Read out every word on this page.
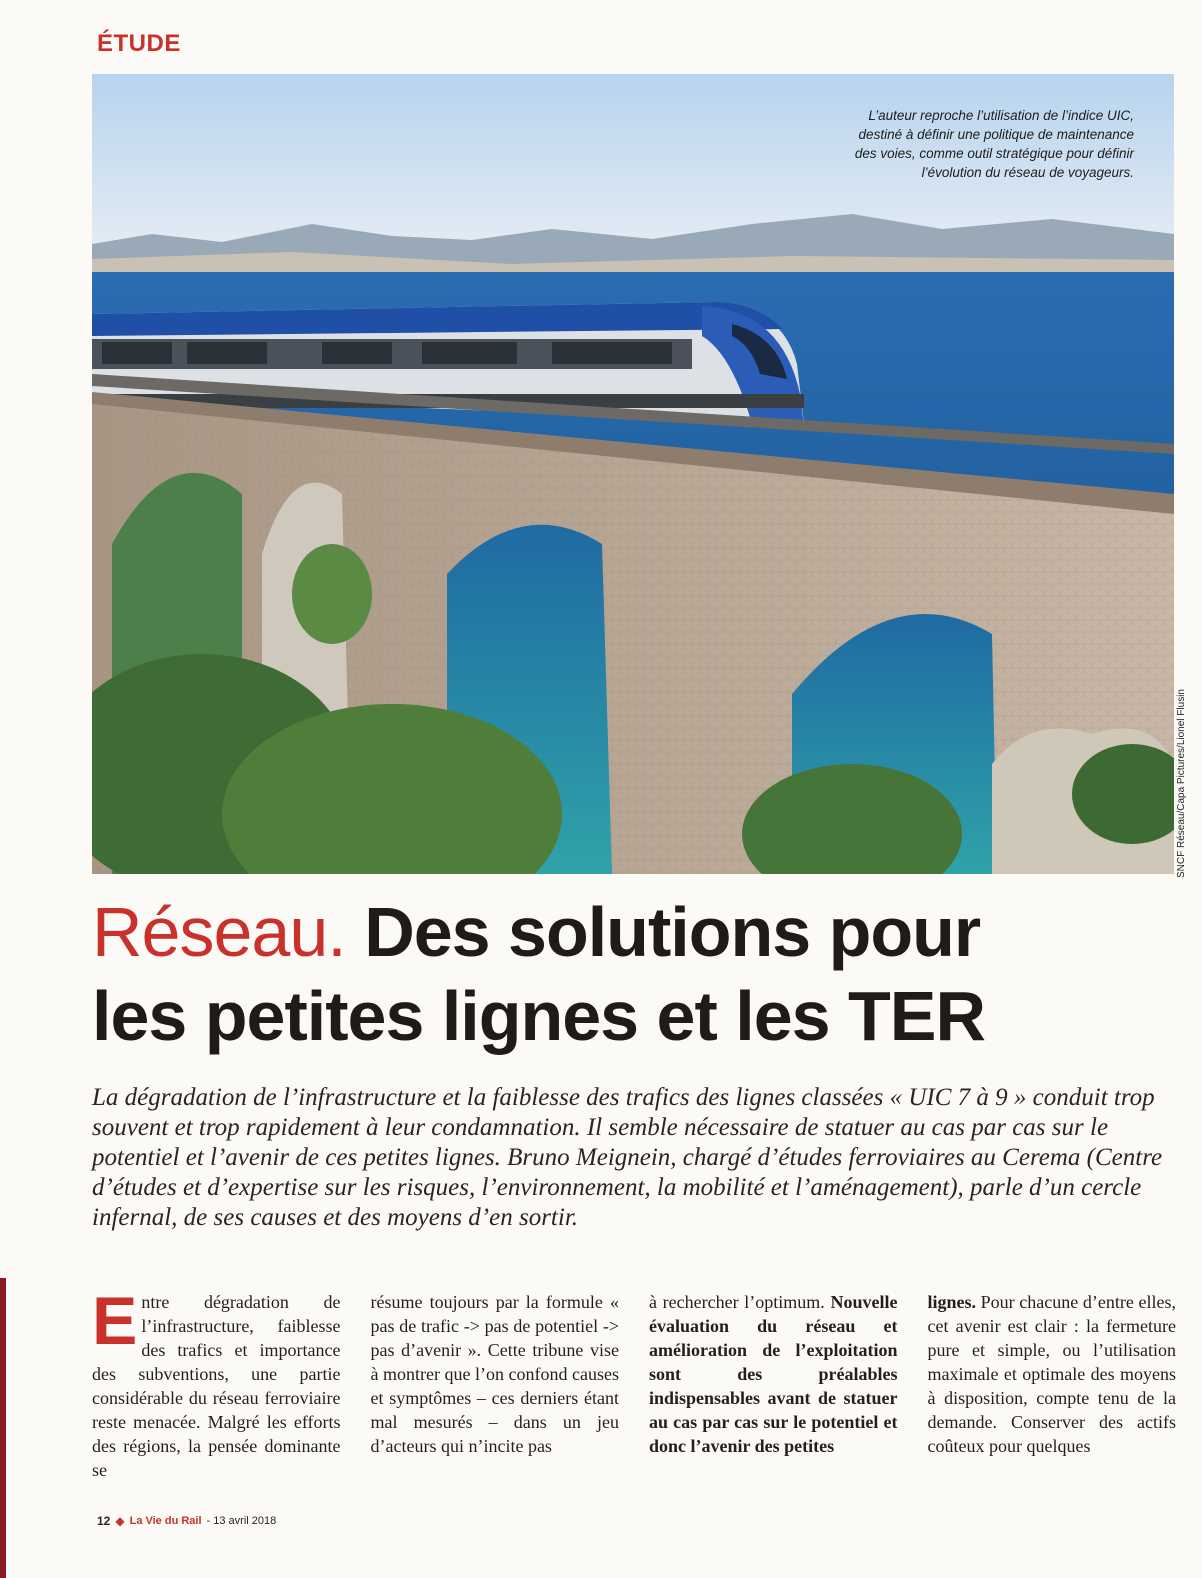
ÉTUDE
L’auteur reproche l’utilisation de l’indice UIC, destiné à définir une politique de maintenance des voies, comme outil stratégique pour définir l’évolution du réseau de voyageurs.
SNCF Réseau/Capa Pictures/Lionel Flusin
Réseau. Des solutions pour
les petites lignes et les TER

La dégradation de l’infrastructure et la faiblesse des trafics des lignes classées « UIC 7 à 9 » conduit trop souvent et trop rapidement à leur condamnation. Il semble nécessaire de statuer au cas par cas sur le potentiel et l’avenir de ces petites lignes. Bruno Meignein, chargé d’études ferroviaires au Cerema (Centre d’études et d’expertise sur les risques, l’environnement, la mobilité et l’aménagement), parle d’un cercle infernal, de ses causes et des moyens d’en sortir.

Entre dégradation de l’infrastructure, faiblesse des trafics et importance des subventions, une partie considérable du réseau ferroviaire reste menacée. Malgré les efforts des régions, la pensée dominante se

résume toujours par la formule « pas de trafic -> pas de potentiel -> pas d’avenir ». Cette tribune vise à montrer que l’on confond causes et symptômes – ces derniers étant mal mesurés – dans un jeu d’acteurs qui n’incite pas

à rechercher l’optimum. Nouvelle évaluation du réseau et amélioration de l’exploitation sont des préalables indispensables avant de statuer au cas par cas sur le potentiel et donc l’avenir des petites

lignes. Pour chacune d’entre elles, cet avenir est clair : la fermeture pure et simple, ou l’utilisation maximale et optimale des moyens à disposition, compte tenu de la demande. Conserver des actifs coûteux pour quelques

12 ◆ La Vie du Rail - 13 avril 2018
